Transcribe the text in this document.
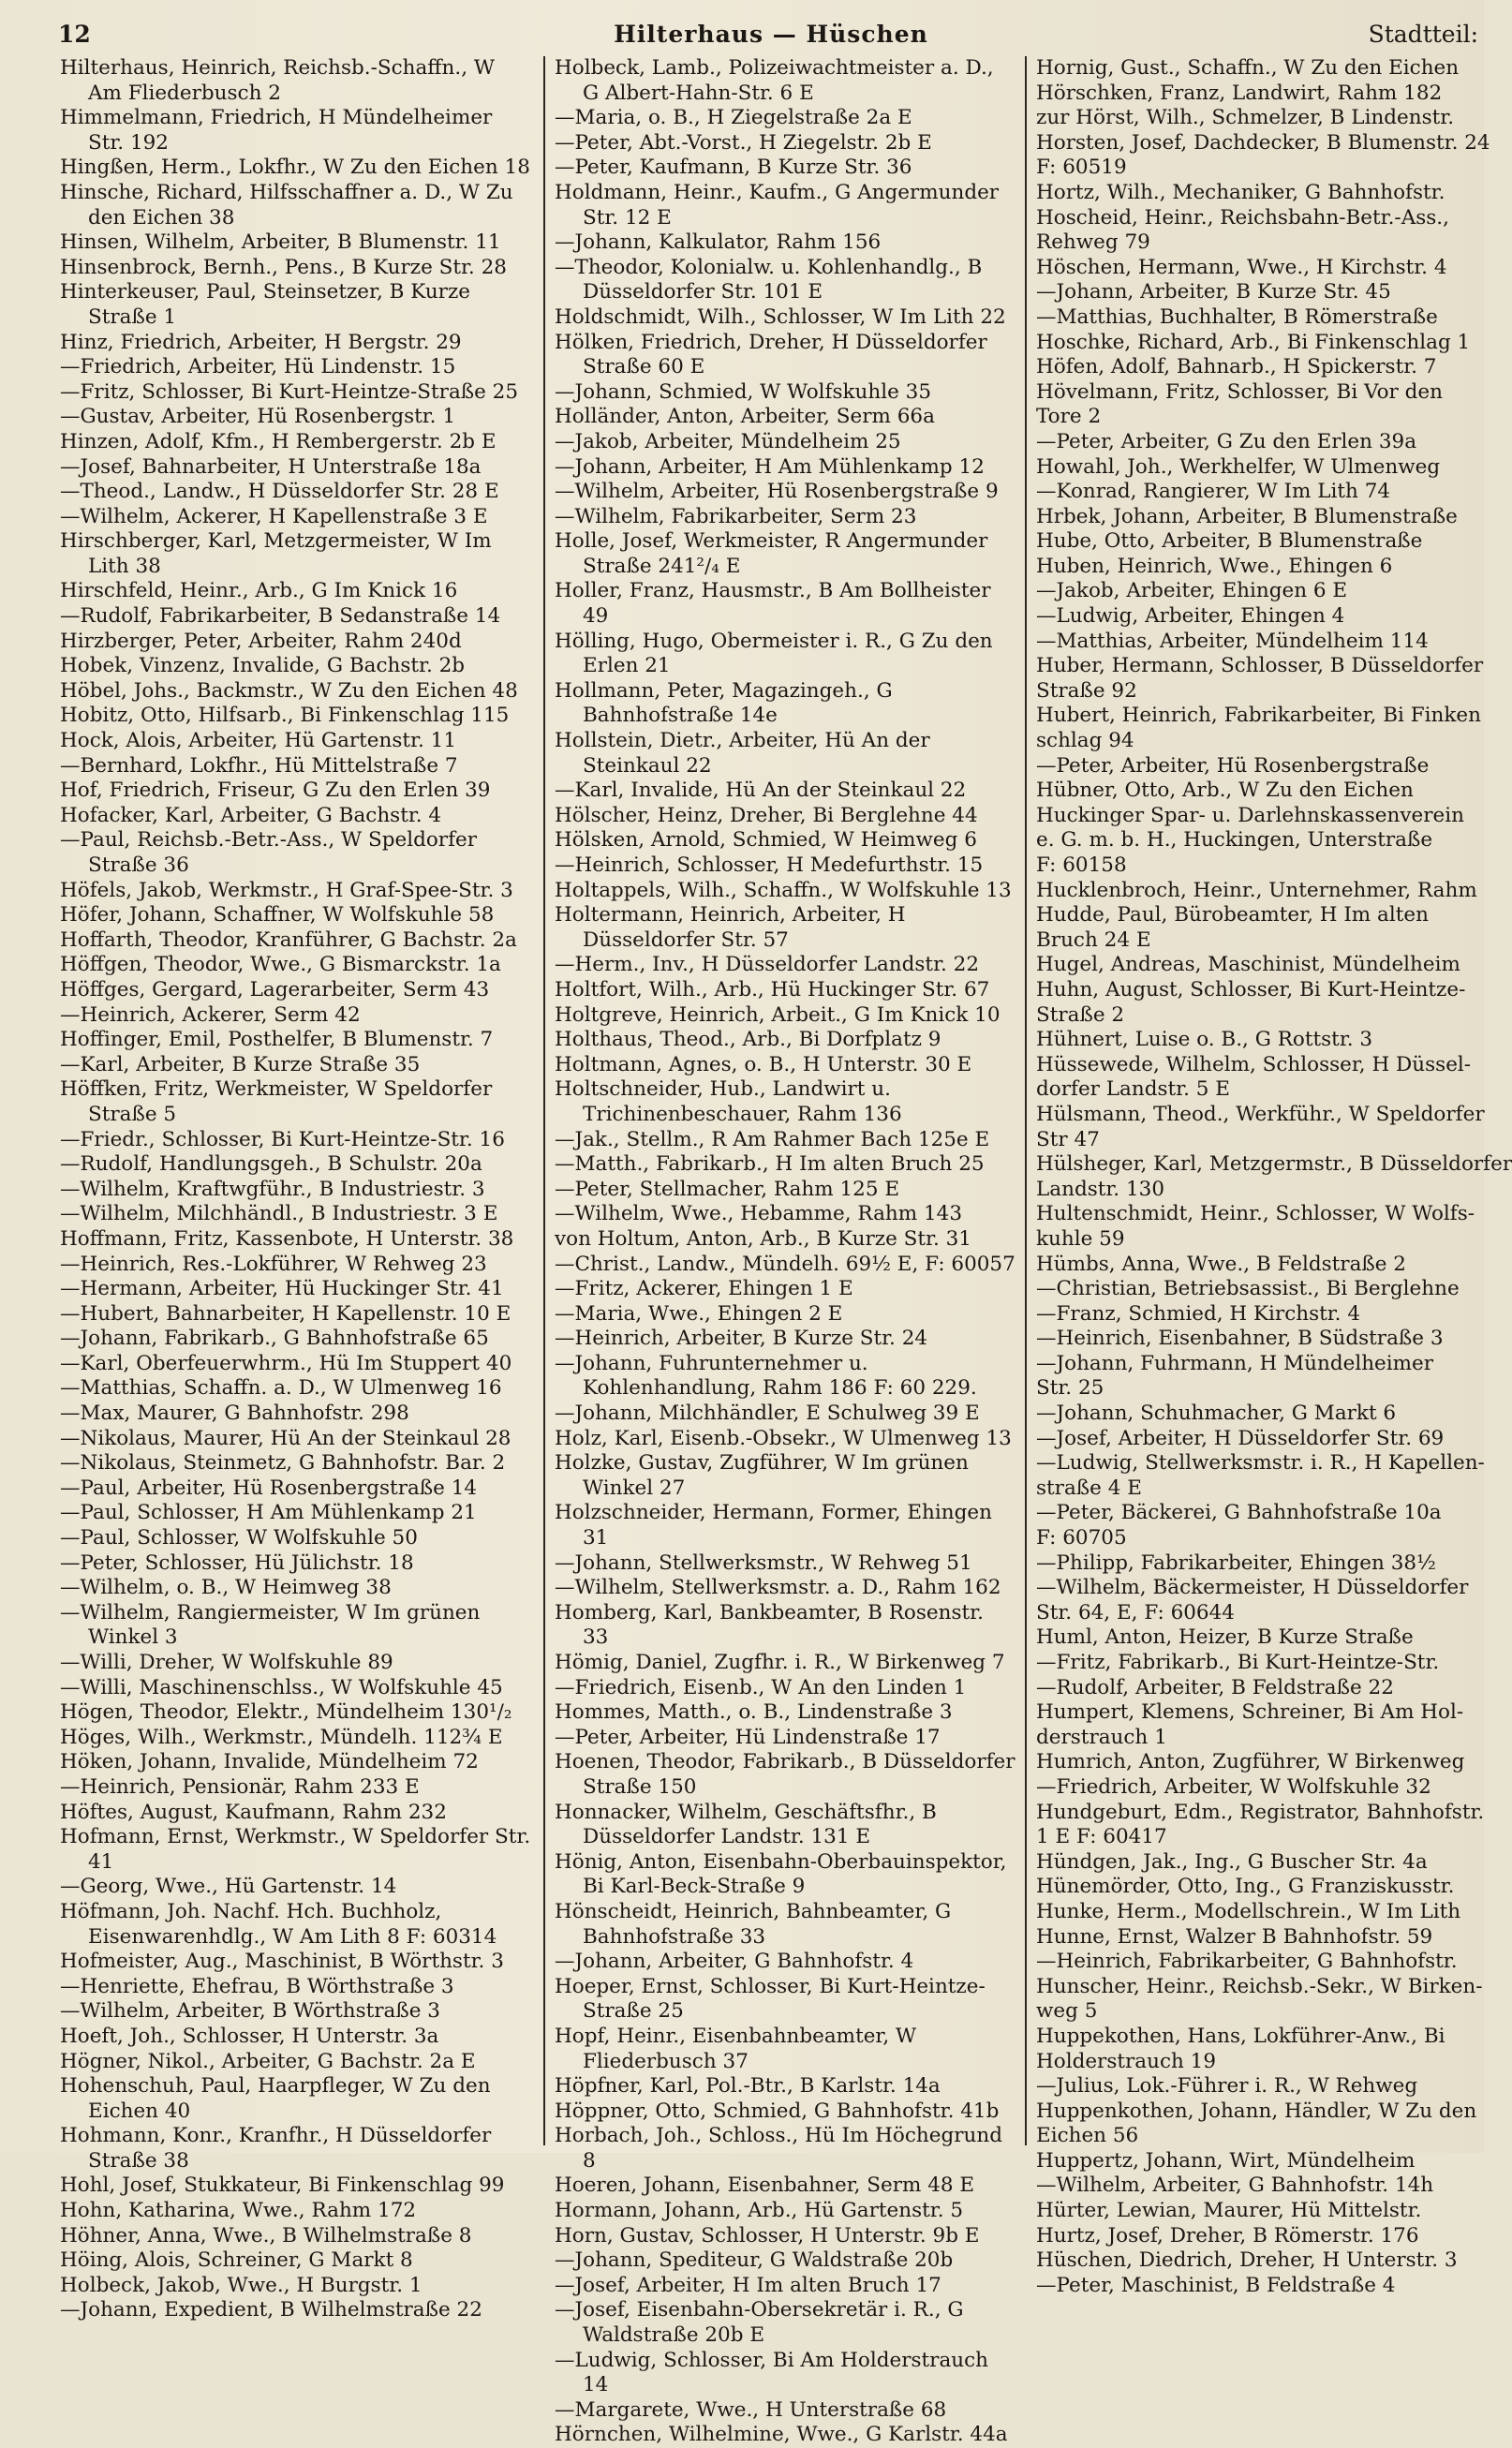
12	Hilterhaus — Hüschen	Stadtteil:
Hilterhaus, Heinrich, Reichsb.-Schaffn., W Am Fliederbusch 2
Himmelmann, Friedrich, H Mündelheimer Str. 192
Hingßen, Herm., Lokfhr., W Zu den Eichen 18
Hinsche, Richard, Hilfsschaffner a. D., W Zu den Eichen 38
Hinsen, Wilhelm, Arbeiter, B Blumenstr. 11
Hinsenbrock, Bernh., Pens., B Kurze Str. 28
Hinterkeuser, Paul, Steinsetzer, B Kurze Straße 1
Hinz, Friedrich, Arbeiter, H Bergstr. 29
—Friedrich, Arbeiter, Hü Lindenstr. 15
—Fritz, Schlosser, Bi Kurt-Heintze-Straße 25
—Gustav, Arbeiter, Hü Rosenbergstr. 1
Hinzen, Adolf, Kfm., H Rembergerstr. 2b E
—Josef, Bahnarbeiter, H Unterstraße 18a
—Theod., Landw., H Düsseldorfer Str. 28 E
—Wilhelm, Ackerer, H Kapellenstraße 3 E
Hirschberger, Karl, Metzgermeister, W Im Lith 38
Hirschfeld, Heinr., Arb., G Im Knick 16
—Rudolf, Fabrikarbeiter, B Sedanstraße 14
Hirzberger, Peter, Arbeiter, Rahm 240d
Hobek, Vinzenz, Invalide, G Bachstr. 2b
Höbel, Johs., Backmstr., W Zu den Eichen 48
Hobitz, Otto, Hilfsarb., Bi Finkenschlag 115
Hock, Alois, Arbeiter, Hü Gartenstr. 11
—Bernhard, Lokfhr., Hü Mittelstraße 7
Hof, Friedrich, Friseur, G Zu den Erlen 39
Hofacker, Karl, Arbeiter, G Bachstr. 4
—Paul, Reichsb.-Betr.-Ass., W Speldorfer Straße 36
Höfels, Jakob, Werkmstr., H Graf-Spee-Str. 3
Höfer, Johann, Schaffner, W Wolfskuhle 58
Hoffarth, Theodor, Kranführer, G Bachstr. 2a
Höffgen, Theodor, Wwe., G Bismarckstr. 1a
Höffges, Gergard, Lagerarbeiter, Serm 43
—Heinrich, Ackerer, Serm 42
Hoffinger, Emil, Posthelfer, B Blumenstr. 7
—Karl, Arbeiter, B Kurze Straße 35
Höffken, Fritz, Werkmeister, W Speldorfer Straße 5
—Friedr., Schlosser, Bi Kurt-Heintze-Str. 16
—Rudolf, Handlungsgeh., B Schulstr. 20a
—Wilhelm, Kraftwgführ., B Industriestr. 3
—Wilhelm, Milchhändl., B Industriestr. 3 E
Hoffmann, Fritz, Kassenbote, H Unterstr. 38
—Heinrich, Res.-Lokführer, W Rehweg 23
—Hermann, Arbeiter, Hü Huckinger Str. 41
—Hubert, Bahnarbeiter, H Kapellenstr. 10 E
—Johann, Fabrikarb., G Bahnhofstraße 65
—Karl, Oberfeuerwhrm., Hü Im Stuppert 40
—Matthias, Schaffn. a. D., W Ulmenweg 16
—Max, Maurer, G Bahnhofstr. 298
—Nikolaus, Maurer, Hü An der Steinkaul 28
—Nikolaus, Steinmetz, G Bahnhofstr. Bar. 2
—Paul, Arbeiter, Hü Rosenbergstraße 14
—Paul, Schlosser, H Am Mühlenkamp 21
—Paul, Schlosser, W Wolfskuhle 50
—Peter, Schlosser, Hü Jülichstr. 18
—Wilhelm, o. B., W Heimweg 38
—Wilhelm, Rangiermeister, W Im grünen Winkel 3
—Willi, Dreher, W Wolfskuhle 89
—Willi, Maschinenschlss., W Wolfskuhle 45
Högen, Theodor, Elektr., Mündelheim 130¹/₂
Höges, Wilh., Werkmstr., Mündelh. 112¾ E
Höken, Johann, Invalide, Mündelheim 72
—Heinrich, Pensionär, Rahm 233 E
Höftes, August, Kaufmann, Rahm 232
Hofmann, Ernst, Werkmstr., W Speldorfer Str. 41
—Georg, Wwe., Hü Gartenstr. 14
Höfmann, Joh. Nachf. Hch. Buchholz, Eisenwarenhdlg., W Am Lith 8 F: 60314
Hofmeister, Aug., Maschinist, B Wörthstr. 3
—Henriette, Ehefrau, B Wörthstraße 3
—Wilhelm, Arbeiter, B Wörthstraße 3
Hoeft, Joh., Schlosser, H Unterstr. 3a
Högner, Nikol., Arbeiter, G Bachstr. 2a E
Hohenschuh, Paul, Haarpfleger, W Zu den Eichen 40
Hohmann, Konr., Kranfhr., H Düsseldorfer Straße 38
Hohl, Josef, Stukkateur, Bi Finkenschlag 99
Hohn, Katharina, Wwe., Rahm 172
Höhner, Anna, Wwe., B Wilhelmstraße 8
Höing, Alois, Schreiner, G Markt 8
Holbeck, Jakob, Wwe., H Burgstr. 1
—Johann, Expedient, B Wilhelmstraße 22
Holbeck, Lamb., Polizeiwachtmeister a. D., G Albert-Hahn-Str. 6 E
—Maria, o. B., H Ziegelstraße 2a E
—Peter, Abt.-Vorst., H Ziegelstr. 2b E
—Peter, Kaufmann, B Kurze Str. 36
Holdmann, Heinr., Kaufm., G Angermunder Str. 12 E
—Johann, Kalkulator, Rahm 156
—Theodor, Kolonialw. u. Kohlenhandlg., B Düsseldorfer Str. 101 E
Holdschmidt, Wilh., Schlosser, W Im Lith 22
Hölken, Friedrich, Dreher, H Düsseldorfer Straße 60 E
—Johann, Schmied, W Wolfskuhle 35
Holländer, Anton, Arbeiter, Serm 66a
—Jakob, Arbeiter, Mündelheim 25
—Johann, Arbeiter, H Am Mühlenkamp 12
—Wilhelm, Arbeiter, Hü Rosenbergstraße 9
—Wilhelm, Fabrikarbeiter, Serm 23
Holle, Josef, Werkmeister, R Angermunder Straße 241²/₄ E
Holler, Franz, Hausmstr., B Am Bollheister 49
Hölling, Hugo, Obermeister i. R., G Zu den Erlen 21
Hollmann, Peter, Magazingeh., G Bahnhofstraße 14e
Hollstein, Dietr., Arbeiter, Hü An der Steinkaul 22
—Karl, Invalide, Hü An der Steinkaul 22
Hölscher, Heinz, Dreher, Bi Berglehne 44
Hölsken, Arnold, Schmied, W Heimweg 6
—Heinrich, Schlosser, H Medefurthstr. 15
Holtappels, Wilh., Schaffn., W Wolfskuhle 13
Holtermann, Heinrich, Arbeiter, H Düsseldorfer Str. 57
—Herm., Inv., H Düsseldorfer Landstr. 22
Holtfort, Wilh., Arb., Hü Huckinger Str. 67
Holtgreve, Heinrich, Arbeit., G Im Knick 10
Holthaus, Theod., Arb., Bi Dorfplatz 9
Holtmann, Agnes, o. B., H Unterstr. 30 E
Holtschneider, Hub., Landwirt u. Trichinenbeschauer, Rahm 136
—Jak., Stellm., R Am Rahmer Bach 125e E
—Matth., Fabrikarb., H Im alten Bruch 25
—Peter, Stellmacher, Rahm 125 E
—Wilhelm, Wwe., Hebamme, Rahm 143
von Holtum, Anton, Arb., B Kurze Str. 31
—Christ., Landw., Mündelh. 69½ E, F: 60057
—Fritz, Ackerer, Ehingen 1 E
—Maria, Wwe., Ehingen 2 E
—Heinrich, Arbeiter, B Kurze Str. 24
—Johann, Fuhrunternehmer u. Kohlenhandlung, Rahm 186 F: 60 229.
—Johann, Milchhändler, E Schulweg 39 E
Holz, Karl, Eisenb.-Obsekr., W Ulmenweg 13
Holzke, Gustav, Zugführer, W Im grünen Winkel 27
Holzschneider, Hermann, Former, Ehingen 31
—Johann, Stellwerksmstr., W Rehweg 51
—Wilhelm, Stellwerksmstr. a. D., Rahm 162
Homberg, Karl, Bankbeamter, B Rosenstr. 33
Hömig, Daniel, Zugfhr. i. R., W Birkenweg 7
—Friedrich, Eisenb., W An den Linden 1
Hommes, Matth., o. B., Lindenstraße 3
—Peter, Arbeiter, Hü Lindenstraße 17
Hoenen, Theodor, Fabrikarb., B Düsseldorfer Straße 150
Honnacker, Wilhelm, Geschäftsfhr., B Düsseldorfer Landstr. 131 E
Hönig, Anton, Eisenbahn-Oberbauinspektor, Bi Karl-Beck-Straße 9
Hönscheidt, Heinrich, Bahnbeamter, G Bahnhofstraße 33
—Johann, Arbeiter, G Bahnhofstr. 4
Hoeper, Ernst, Schlosser, Bi Kurt-Heintze-Straße 25
Hopf, Heinr., Eisenbahnbeamter, W Fliederbusch 37
Höpfner, Karl, Pol.-Btr., B Karlstr. 14a
Höppner, Otto, Schmied, G Bahnhofstr. 41b
Horbach, Joh., Schloss., Hü Im Höchegrund 8
Hoeren, Johann, Eisenbahner, Serm 48 E
Hormann, Johann, Arb., Hü Gartenstr. 5
Horn, Gustav, Schlosser, H Unterstr. 9b E
—Johann, Spediteur, G Waldstraße 20b
—Josef, Arbeiter, H Im alten Bruch 17
—Josef, Eisenbahn-Obersekretär i. R., G Waldstraße 20b E
—Ludwig, Schlosser, Bi Am Holderstrauch 14
—Margarete, Wwe., H Unterstraße 68
Hörnchen, Wilhelmine, Wwe., G Karlstr. 44a
Hornig, Gust., Schaffn., W Zu den Eichen
Hörschken, Franz, Landwirt, Rahm 182
zur Hörst, Wilh., Schmelzer, B Lindenstr.
Horsten, Josef, Dachdecker, B Blumenstr. 24
F: 60519
Hortz, Wilh., Mechaniker, G Bahnhofstr.
Hoscheid, Heinr., Reichsbahn-Betr.-Ass.,
Rehweg 79
Höschen, Hermann, Wwe., H Kirchstr. 4
—Johann, Arbeiter, B Kurze Str. 45
—Matthias, Buchhalter, B Römerstraße
Hoschke, Richard, Arb., Bi Finkenschlag 1
Höfen, Adolf, Bahnarb., H Spickerstr. 7
Hövelmann, Fritz, Schlosser, Bi Vor den
Tore 2
—Peter, Arbeiter, G Zu den Erlen 39a
Howahl, Joh., Werkhelfer, W Ulmenweg
—Konrad, Rangierer, W Im Lith 74
Hrbek, Johann, Arbeiter, B Blumenstraße
Hube, Otto, Arbeiter, B Blumenstraße
Huben, Heinrich, Wwe., Ehingen 6
—Jakob, Arbeiter, Ehingen 6 E
—Ludwig, Arbeiter, Ehingen 4
—Matthias, Arbeiter, Mündelheim 114
Huber, Hermann, Schlosser, B Düsseldorfer
Straße 92
Hubert, Heinrich, Fabrikarbeiter, Bi Finken
schlag 94
—Peter, Arbeiter, Hü Rosenbergstraße
Hübner, Otto, Arb., W Zu den Eichen
Huckinger Spar- u. Darlehnskassenverein
e. G. m. b. H., Huckingen, Unterstraße
F: 60158
Hucklenbroch, Heinr., Unternehmer, Rahm
Hudde, Paul, Bürobeamter, H Im alten
Bruch 24 E
Hugel, Andreas, Maschinist, Mündelheim
Huhn, August, Schlosser, Bi Kurt-Heintze-
Straße 2
Hühnert, Luise o. B., G Rottstr. 3
Hüssewede, Wilhelm, Schlosser, H Düssel-
dorfer Landstr. 5 E
Hülsmann, Theod., Werkführ., W Speldorfer
Str 47
Hülsheger, Karl, Metzgermstr., B Düsseldorfer
Landstr. 130
Hultenschmidt, Heinr., Schlosser, W Wolfs-
kuhle 59
Hümbs, Anna, Wwe., B Feldstraße 2
—Christian, Betriebsassist., Bi Berglehne
—Franz, Schmied, H Kirchstr. 4
—Heinrich, Eisenbahner, B Südstraße 3
—Johann, Fuhrmann, H Mündelheimer
Str. 25
—Johann, Schuhmacher, G Markt 6
—Josef, Arbeiter, H Düsseldorfer Str. 69
—Ludwig, Stellwerksmstr. i. R., H Kapellen-
straße 4 E
—Peter, Bäckerei, G Bahnhofstraße 10a
F: 60705
—Philipp, Fabrikarbeiter, Ehingen 38½
—Wilhelm, Bäckermeister, H Düsseldorfer
Str. 64, E, F: 60644
Huml, Anton, Heizer, B Kurze Straße
—Fritz, Fabrikarb., Bi Kurt-Heintze-Str.
—Rudolf, Arbeiter, B Feldstraße 22
Humpert, Klemens, Schreiner, Bi Am Hol-
derstrauch 1
Humrich, Anton, Zugführer, W Birkenweg
—Friedrich, Arbeiter, W Wolfskuhle 32
Hundgeburt, Edm., Registrator, Bahnhofstr.
1 E F: 60417
Hündgen, Jak., Ing., G Buscher Str. 4a
Hünemörder, Otto, Ing., G Franziskusstr.
Hunke, Herm., Modellschrein., W Im Lith
Hunne, Ernst, Walzer B Bahnhofstr. 59
—Heinrich, Fabrikarbeiter, G Bahnhofstr.
Hunscher, Heinr., Reichsb.-Sekr., W Birken-
weg 5
Huppekothen, Hans, Lokführer-Anw., Bi
Holderstrauch 19
—Julius, Lok.-Führer i. R., W Rehweg
Huppenkothen, Johann, Händler, W Zu den
Eichen 56
Huppertz, Johann, Wirt, Mündelheim
—Wilhelm, Arbeiter, G Bahnhofstr. 14h
Hürter, Lewian, Maurer, Hü Mittelstr.
Hurtz, Josef, Dreher, B Römerstr. 176
Hüschen, Diedrich, Dreher, H Unterstr. 3
—Peter, Maschinist, B Feldstraße 4
